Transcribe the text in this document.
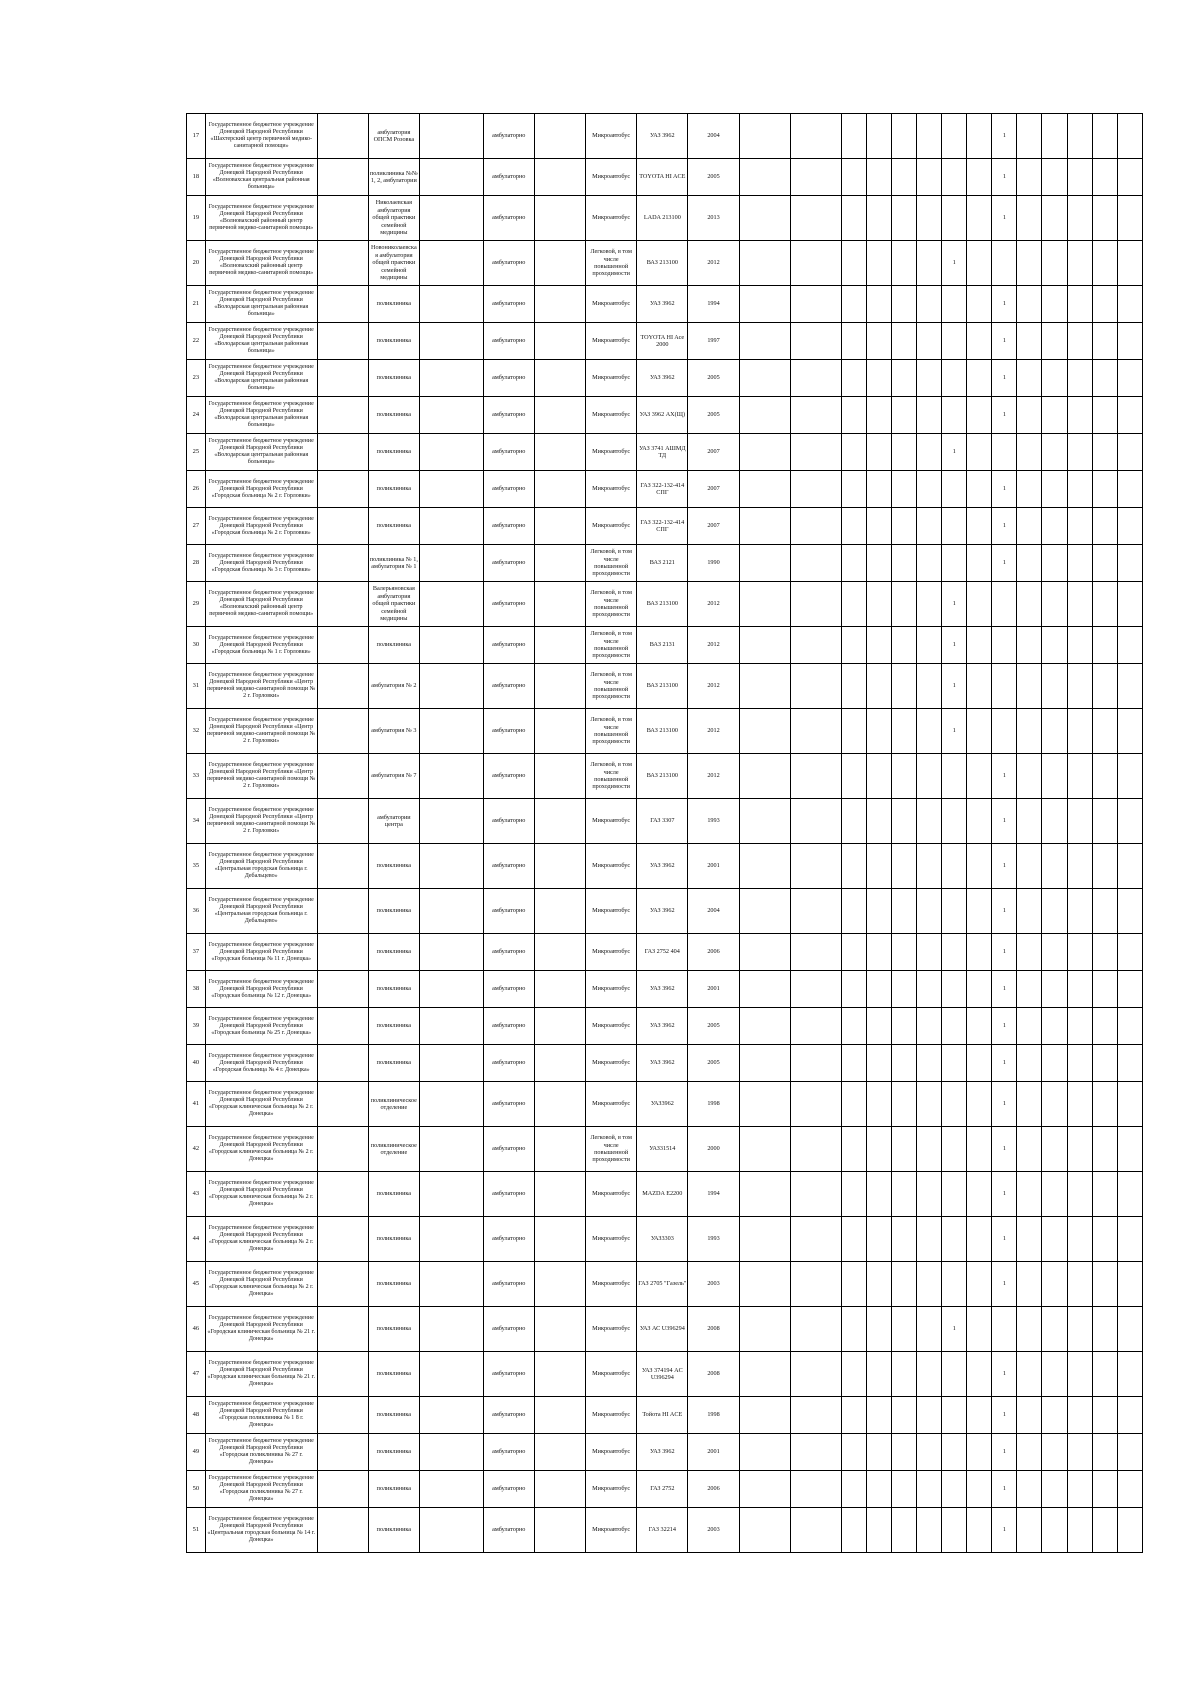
17	Государственное бюджетное учреждение Донецкой Народной Республики «Шахтерский центр первичной медико-санитарной помощи»		амбулатория ОПСМ Розовка		амбулаторно		Микроавтобус	УАЗ 3962	2004									1					
18	Государственное бюджетное учреждение Донецкой Народной Республики «Волновахская центральная районная больница»		поликлиника №№ 1, 2, амбулатории		амбулаторно		Микроавтобус	TOYOTA HI ACE	2005									1					
19	Государственное бюджетное учреждение Донецкой Народной Республики «Волновахский районный центр первичной медико-санитарной помощи»		Николаевская амбулатория общей практики семейной медицины		амбулаторно		Микроавтобус	LADA 213100	2013									1					
20	Государственное бюджетное учреждение Донецкой Народной Республики «Волновахский районный центр первичной медико-санитарной помощи»		Новониколаевская амбулатория общей практики семейной медицины		амбулаторно		Легковой, в том числе повышенной проходимости	ВАЗ 213100	2012							1							
21	Государственное бюджетное учреждение Донецкой Народной Республики «Володарская центральная районная больница»		поликлиника		амбулаторно		Микроавтобус	УАЗ 3962	1994									1					
22	Государственное бюджетное учреждение Донецкой Народной Республики «Володарская центральная районная больница»		поликлиника		амбулаторно		Микроавтобус	TOYOTA HI Ace 2000	1997									1					
23	Государственное бюджетное учреждение Донецкой Народной Республики «Володарская центральная районная больница»		поликлиника		амбулаторно		Микроавтобус	УАЗ 3962	2005									1					
24	Государственное бюджетное учреждение Донецкой Народной Республики «Володарская центральная районная больница»		поликлиника		амбулаторно		Микроавтобус	УАЗ 3962 АХ(Щ)	2005									1					
25	Государственное бюджетное учреждение Донецкой Народной Республики «Володарская центральная районная больница»		поликлиника		амбулаторно		Микроавтобус	УАЗ 3741 АШМД ТД	2007							1							
26	Государственное бюджетное учреждение Донецкой Народной Республики «Городская больница № 2 г. Горловки»		поликлиника		амбулаторно		Микроавтобус	ГАЗ 322-132-414 СПГ	2007									1					
27	Государственное бюджетное учреждение Донецкой Народной Республики «Городская больница № 2 г. Горловки»		поликлиника		амбулаторно		Микроавтобус	ГАЗ 322-132-414 СПГ	2007									1					
28	Государственное бюджетное учреждение Донецкой Народной Республики «Городская больница № 3 г. Горловки»		поликлиника № 1, амбулатория № 1		амбулаторно		Легковой, в том числе повышенной проходимости	ВАЗ 2121	1990									1					
29	Государственное бюджетное учреждение Донецкой Народной Республики «Волновахский районный центр первичной медико-санитарной помощи»		Валерьяновская амбулатория общей практики семейной медицины		амбулаторно		Легковой, в том числе повышенной проходимости	ВАЗ 213100	2012							1							
30	Государственное бюджетное учреждение Донецкой Народной Республики «Городская больница № 1 г. Горловки»		поликлиника		амбулаторно		Легковой, в том числе повышенной проходимости	ВАЗ 2131	2012							1							
31	Государственное бюджетное учреждение Донецкой Народной Республики «Центр первичной медико-санитарной помощи № 2 г. Горловки»		амбулатория № 2		амбулаторно		Легковой, в том числе повышенной проходимости	ВАЗ 213100	2012							1							
32	Государственное бюджетное учреждение Донецкой Народной Республики «Центр первичной медико-санитарной помощи № 2 г. Горловки»		амбулатория № 3		амбулаторно		Легковой, в том числе повышенной проходимости	ВАЗ 213100	2012							1							
33	Государственное бюджетное учреждение Донецкой Народной Республики «Центр первичной медико-санитарной помощи № 2 г. Горловки»		амбулатория № 7		амбулаторно		Легковой, в том числе повышенной проходимости	ВАЗ 213100	2012									1					
34	Государственное бюджетное учреждение Донецкой Народной Республики «Центр первичной медико-санитарной помощи № 2 г. Горловки»		амбулатории центра		амбулаторно		Микроавтобус	ГАЗ 3307	1993									1					
35	Государственное бюджетное учреждение Донецкой Народной Республики «Центральная городская больница г. Дебальцево»		поликлиника		амбулаторно		Микроавтобус	УАЗ 3962	2001									1					
36	Государственное бюджетное учреждение Донецкой Народной Республики «Центральная городская больница г. Дебальцево»		поликлиника		амбулаторно		Микроавтобус	УАЗ 3962	2004									1					
37	Государственное бюджетное учреждение Донецкой Народной Республики «Городская больница № 11 г. Донецка»		поликлиника		амбулаторно		Микроавтобус	ГАЗ 2752 404	2006									1					
38	Государственное бюджетное учреждение Донецкой Народной Республики «Городская больница № 12 г. Донецка»		поликлиника		амбулаторно		Микроавтобус	УАЗ 3962	2001									1					
39	Государственное бюджетное учреждение Донецкой Народной Республики «Городская больница № 25 г. Донецка»		поликлиника		амбулаторно		Микроавтобус	УАЗ 3962	2005									1					
40	Государственное бюджетное учреждение Донецкой Народной Республики «Городская больница № 4 г. Донецка»		поликлиника		амбулаторно		Микроавтобус	УАЗ 3962	2005									1					
41	Государственное бюджетное учреждение Донецкой Народной Республики «Городская клиническая больница № 2 г. Донецка»		поликлиническое отделение		амбулаторно		Микроавтобус	УАЗ3962	1998									1					
42	Государственное бюджетное учреждение Донецкой Народной Республики «Городская клиническая больница № 2 г. Донецка»		поликлиническое отделение		амбулаторно		Легковой, в том числе повышенной проходимости	УАЗ31514	2000									1					
43	Государственное бюджетное учреждение Донецкой Народной Республики «Городская клиническая больница № 2 г. Донецка»		поликлиника		амбулаторно		Микроавтобус	MAZDA E2200	1994									1					
44	Государственное бюджетное учреждение Донецкой Народной Республики «Городская клиническая больница № 2 г. Донецка»		поликлиника		амбулаторно		Микроавтобус	УАЗ3303	1993									1					
45	Государственное бюджетное учреждение Донецкой Народной Республики «Городская клиническая больница № 2 г. Донецка»		поликлиника		амбулаторно		Микроавтобус	ГАЗ 2705 "Газель"	2003									1					
46	Государственное бюджетное учреждение Донецкой Народной Республики «Городская клиническая больница № 21 г. Донецка»		поликлиника		амбулаторно		Микроавтобус	УАЗ АС U396294	2008							1							
47	Государственное бюджетное учреждение Донецкой Народной Республики «Городская клиническая больница № 21 г. Донецка»		поликлиника		амбулаторно		Микроавтобус	УАЗ 374194 AC U396294	2008									1					
48	Государственное бюджетное учреждение Донецкой Народной Республики «Городская поликлиника № 1 8 г. Донецка»		поликлиника		амбулаторно		Микроавтобус	Тойота HI ACE	1998									1					
49	Государственное бюджетное учреждение Донецкой Народной Республики «Городская поликлиника № 27 г. Донецка»		поликлиника		амбулаторно		Микроавтобус	УАЗ 3962	2001									1					
50	Государственное бюджетное учреждение Донецкой Народной Республики «Городская поликлиника № 27 г. Донецка»		поликлиника		амбулаторно		Микроавтобус	ГАЗ 2752	2006									1					
51	Государственное бюджетное учреждение Донецкой Народной Республики «Центральная городская больница № 14 г. Донецка»		поликлиника		амбулаторно		Микроавтобус	ГАЗ 32214	2003									1					
